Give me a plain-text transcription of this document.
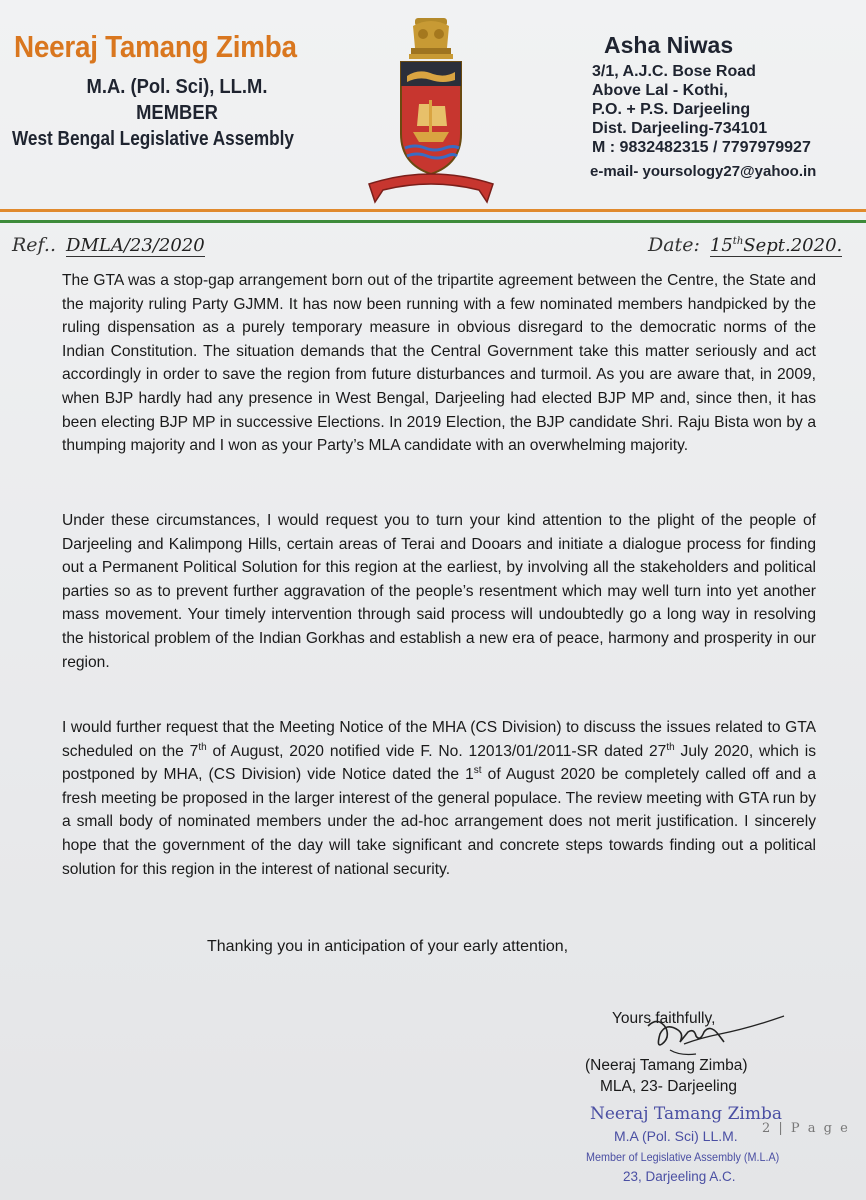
Neeraj Tamang Zimba
M.A. (Pol. Sci), LL.M.
MEMBER
West Bengal Legislative Assembly
Asha Niwas
3/1, A.J.C. Bose Road
Above Lal - Kothi,
P.O. + P.S. Darjeeling
Dist. Darjeeling-734101
M : 9832482315 / 7797979927
e-mail- yoursology27@yahoo.in
Ref.. DMLA/23/2020	Date: 15thSept.2020.
The GTA was a stop-gap arrangement born out of the tripartite agreement between the Centre, the State and the majority ruling Party GJMM. It has now been running with a few nominated members handpicked by the ruling dispensation as a purely temporary measure in obvious disregard to the democratic norms of the Indian Constitution. The situation demands that the Central Government take this matter seriously and act accordingly in order to save the region from future disturbances and turmoil. As you are aware that, in 2009, when BJP hardly had any presence in West Bengal, Darjeeling had elected BJP MP and, since then, it has been electing BJP MP in successive Elections. In 2019 Election, the BJP candidate Shri. Raju Bista won by a thumping majority and I won as your Party’s MLA candidate with an overwhelming majority.
Under these circumstances, I would request you to turn your kind attention to the plight of the people of Darjeeling and Kalimpong Hills, certain areas of Terai and Dooars and initiate a dialogue process for finding out a Permanent Political Solution for this region at the earliest, by involving all the stakeholders and political parties so as to prevent further aggravation of the people’s resentment which may well turn into yet another mass movement. Your timely intervention through said process will undoubtedly go a long way in resolving the historical problem of the Indian Gorkhas and establish a new era of peace, harmony and prosperity in our region.
I would further request that the Meeting Notice of the MHA (CS Division) to discuss the issues related to GTA scheduled on the 7th of August, 2020 notified vide F. No. 12013/01/2011-SR dated 27th July 2020, which is postponed by MHA, (CS Division) vide Notice dated the 1st of August 2020 be completely called off and a fresh meeting be proposed in the larger interest of the general populace. The review meeting with GTA run by a small body of nominated members under the ad-hoc arrangement does not merit justification. I sincerely hope that the government of the day will take significant and concrete steps towards finding out a political solution for this region in the interest of national security.
Thanking you in anticipation of your early attention,
Yours faithfully,
(Neeraj Tamang Zimba)
MLA, 23- Darjeeling
Neeraj Tamang Zimba
2 | P a g e
M.A (Pol. Sci) LL.M.
Member of Legislative Assembly (M.L.A)
23, Darjeeling A.C.
